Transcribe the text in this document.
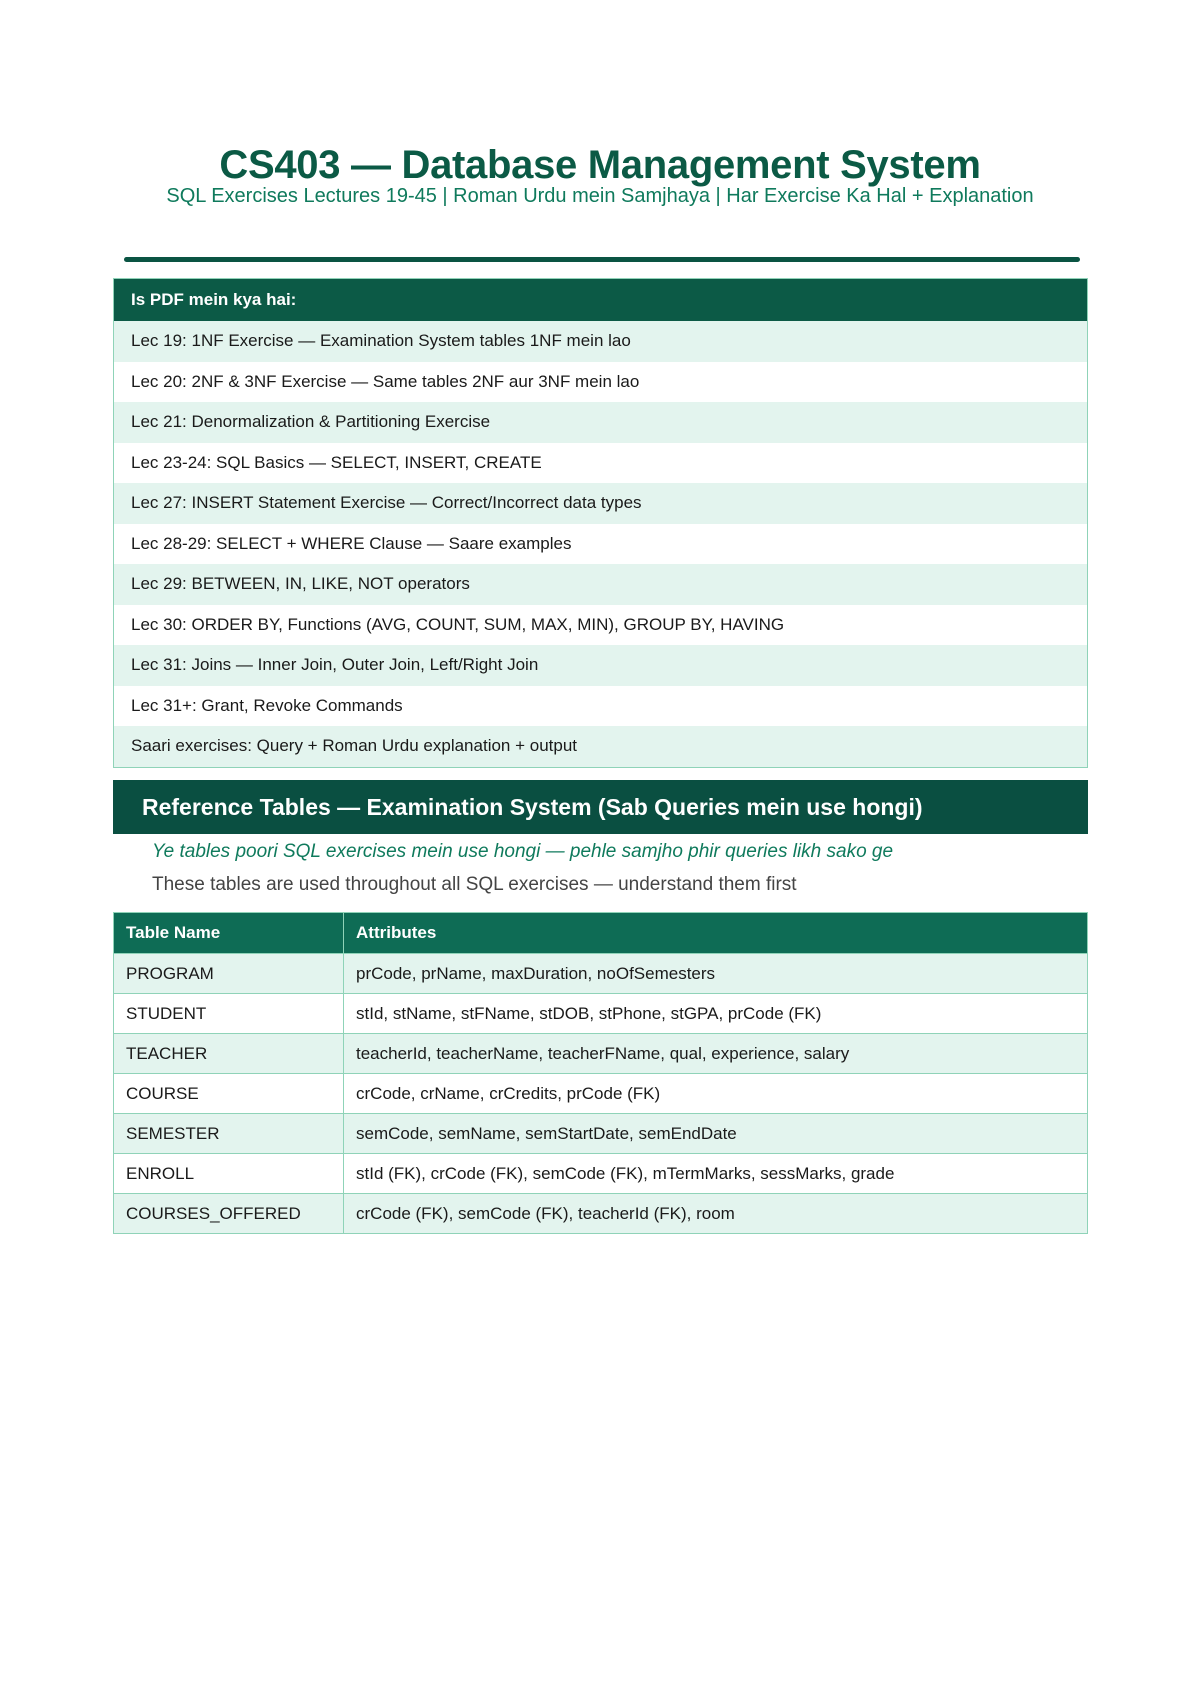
CS403 — Database Management System
SQL Exercises Lectures 19-45 | Roman Urdu mein Samjhaya | Har Exercise Ka Hal + Explanation
Is PDF mein kya hai:
Lec 19: 1NF Exercise — Examination System tables 1NF mein lao
Lec 20: 2NF & 3NF Exercise — Same tables 2NF aur 3NF mein lao
Lec 21: Denormalization & Partitioning Exercise
Lec 23-24: SQL Basics — SELECT, INSERT, CREATE
Lec 27: INSERT Statement Exercise — Correct/Incorrect data types
Lec 28-29: SELECT + WHERE Clause — Saare examples
Lec 29: BETWEEN, IN, LIKE, NOT operators
Lec 30: ORDER BY, Functions (AVG, COUNT, SUM, MAX, MIN), GROUP BY, HAVING
Lec 31: Joins — Inner Join, Outer Join, Left/Right Join
Lec 31+: Grant, Revoke Commands
Saari exercises: Query + Roman Urdu explanation + output
Reference Tables — Examination System (Sab Queries mein use hongi)
Ye tables poori SQL exercises mein use hongi — pehle samjho phir queries likh sako ge
These tables are used throughout all SQL exercises — understand them first
Table Name	Attributes
PROGRAM	prCode, prName, maxDuration, noOfSemesters
STUDENT	stId, stName, stFName, stDOB, stPhone, stGPA, prCode (FK)
TEACHER	teacherId, teacherName, teacherFName, qual, experience, salary
COURSE	crCode, crName, crCredits, prCode (FK)
SEMESTER	semCode, semName, semStartDate, semEndDate
ENROLL	stId (FK), crCode (FK), semCode (FK), mTermMarks, sessMarks, grade
COURSES_OFFERED	crCode (FK), semCode (FK), teacherId (FK), room
